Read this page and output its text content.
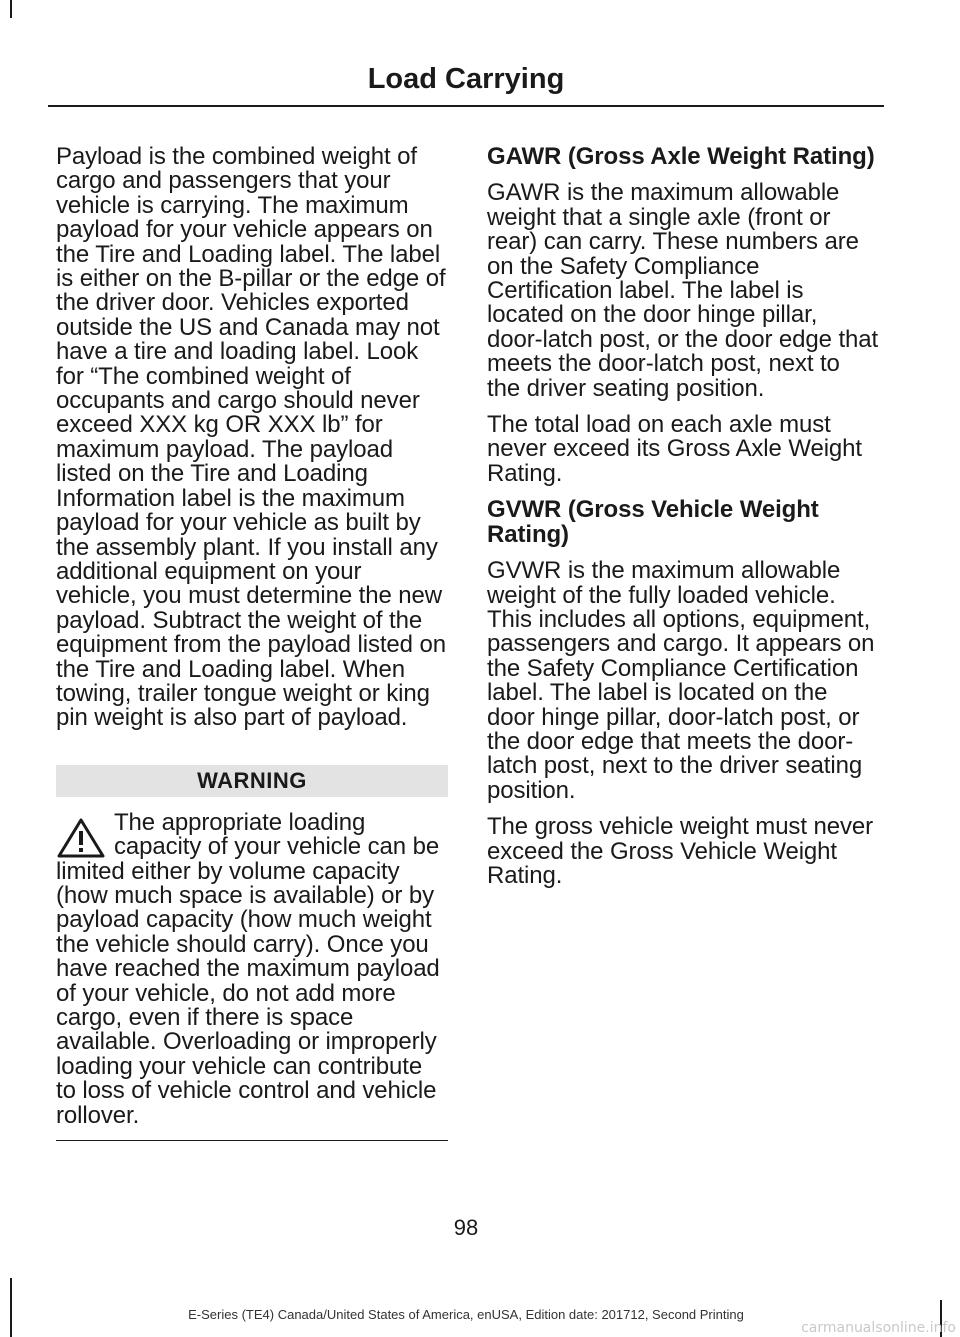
Load Carrying

Payload is the combined weight of cargo and passengers that your vehicle is carrying. The maximum payload for your vehicle appears on the Tire and Loading label. The label is either on the B-pillar or the edge of the driver door. Vehicles exported outside the US and Canada may not have a tire and loading label. Look for “The combined weight of occupants and cargo should never exceed XXX kg OR XXX lb” for maximum payload. The payload listed on the Tire and Loading Information label is the maximum payload for your vehicle as built by the assembly plant. If you install any additional equipment on your vehicle, you must determine the new payload. Subtract the weight of the equipment from the payload listed on the Tire and Loading label. When towing, trailer tongue weight or king pin weight is also part of payload.

WARNING
The appropriate loading capacity of your vehicle can be limited either by volume capacity (how much space is available) or by payload capacity (how much weight the vehicle should carry). Once you have reached the maximum payload of your vehicle, do not add more cargo, even if there is space available. Overloading or improperly loading your vehicle can contribute to loss of vehicle control and vehicle rollover.
GAWR (Gross Axle Weight Rating)

GAWR is the maximum allowable weight that a single axle (front or rear) can carry. These numbers are on the Safety Compliance Certification label. The label is located on the door hinge pillar, door-latch post, or the door edge that meets the door-latch post, next to the driver seating position.

The total load on each axle must never exceed its Gross Axle Weight Rating.

GVWR (Gross Vehicle Weight Rating)

GVWR is the maximum allowable weight of the fully loaded vehicle. This includes all options, equipment, passengers and cargo. It appears on the Safety Compliance Certification label. The label is located on the door hinge pillar, door-latch post, or the door edge that meets the door-latch post, next to the driver seating position.

The gross vehicle weight must never exceed the Gross Vehicle Weight Rating.

98
E-Series (TE4) Canada/United States of America, enUSA, Edition date: 201712, Second Printing
carmanualsonline.info
